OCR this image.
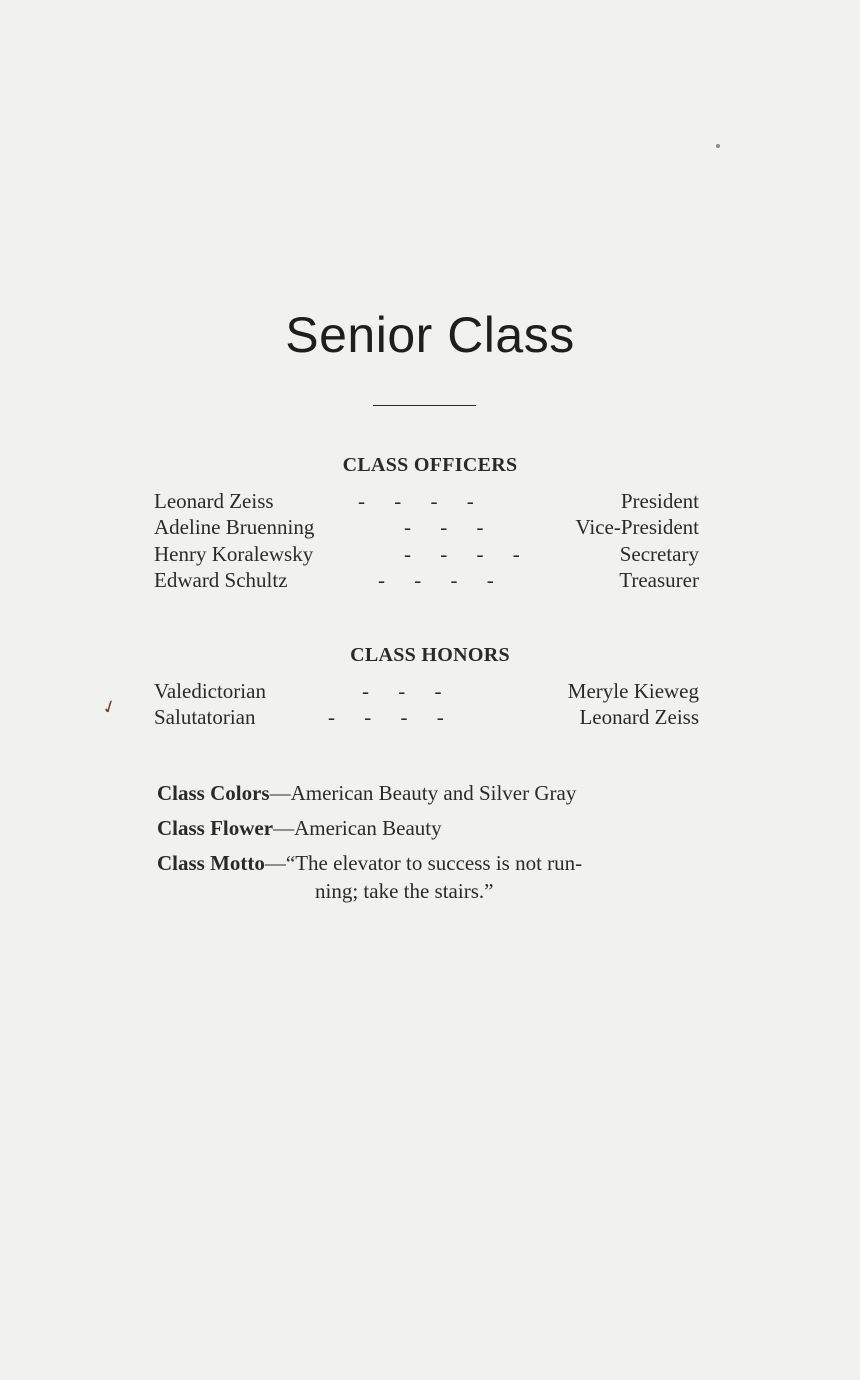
Senior Class
CLASS OFFICERS
Leonard Zeiss	- - - -	President
Adeline Bruenning	- - -	Vice-President
Henry Koralewsky	- - - -	Secretary
Edward Schultz	- - - -	Treasurer
CLASS HONORS
✓
Valedictorian	- - -	Meryle Kieweg
Salutatorian	- - - -	Leonard Zeiss
Class Colors—American Beauty and Silver Gray
Class Flower—American Beauty
Class Motto—“The elevator to success is not run-
ning; take the stairs.”
